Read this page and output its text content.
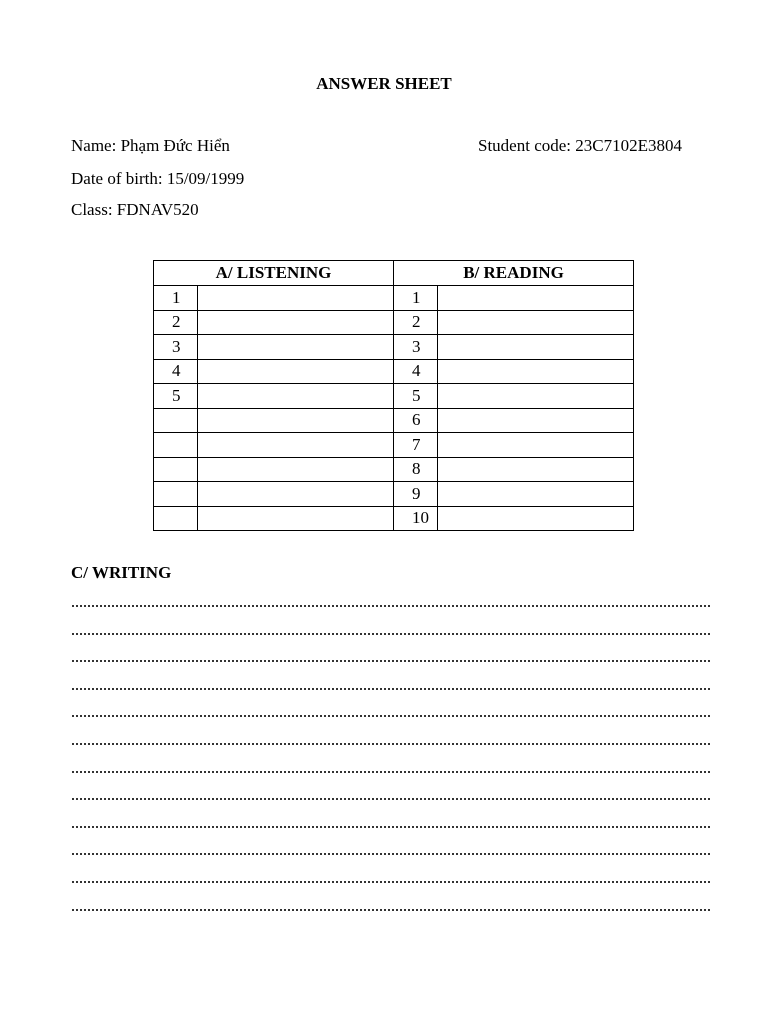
ANSWER SHEET
Name: Phạm Đức Hiển	Student code: 23C7102E3804
Date of birth: 15/09/1999
Class: FDNAV520
A/ LISTENING		B/ READING	
1		1	
2		2	
3		3	
4		4	
5		5	
		6	
		7	
		8	
		9	
		10	
C/ WRITING
